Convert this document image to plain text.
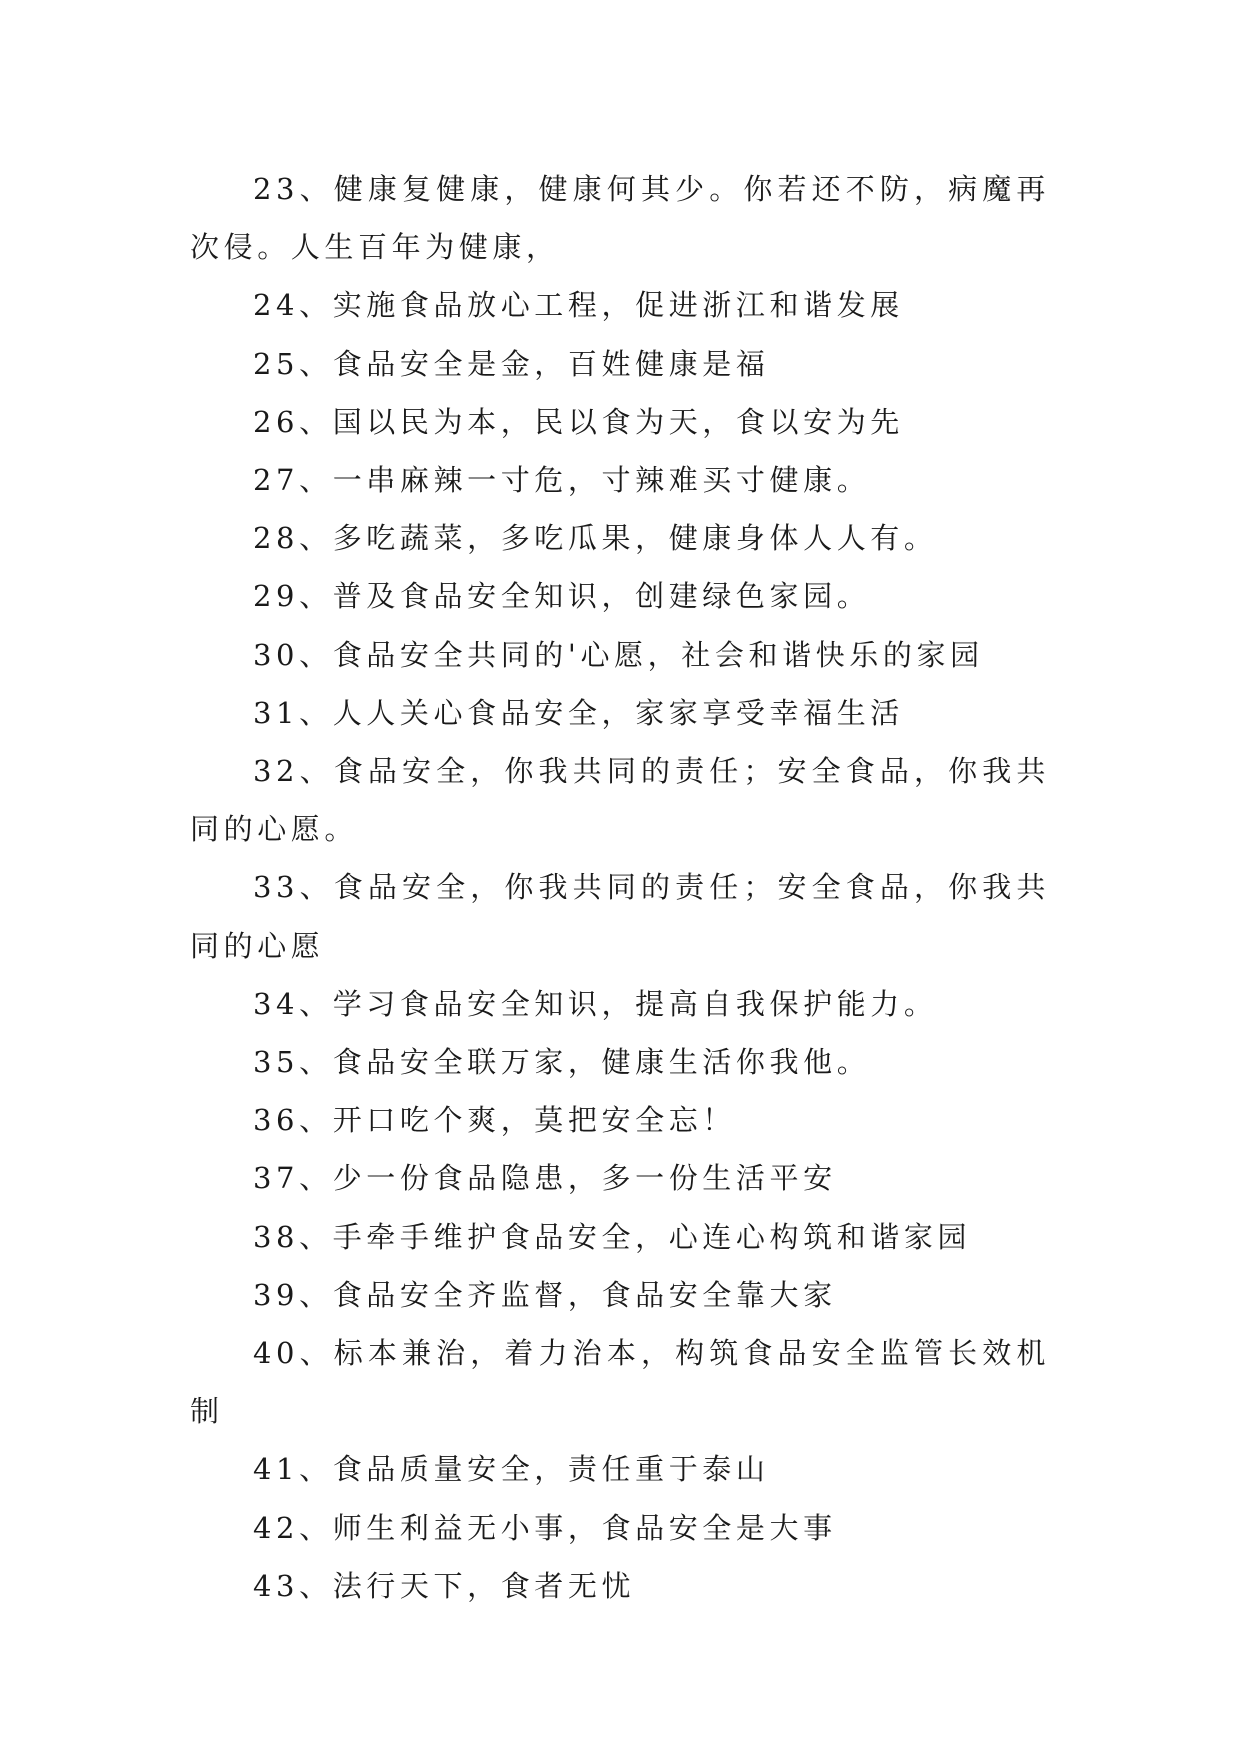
23、健康复健康，健康何其少。你若还不防，病魔再次侵。人生百年为健康，

24、实施食品放心工程，促进浙江和谐发展

25、食品安全是金，百姓健康是福

26、国以民为本，民以食为天，食以安为先

27、一串麻辣一寸危，寸辣难买寸健康。

28、多吃蔬菜，多吃瓜果，健康身体人人有。

29、普及食品安全知识，创建绿色家园。

30、食品安全共同的'心愿，社会和谐快乐的家园

31、人人关心食品安全，家家享受幸福生活

32、食品安全，你我共同的责任；安全食品，你我共同的心愿。

33、食品安全，你我共同的责任；安全食品，你我共同的心愿

34、学习食品安全知识，提高自我保护能力。

35、食品安全联万家，健康生活你我他。

36、开口吃个爽，莫把安全忘！

37、少一份食品隐患，多一份生活平安

38、手牵手维护食品安全，心连心构筑和谐家园

39、食品安全齐监督，食品安全靠大家

40、标本兼治，着力治本，构筑食品安全监管长效机制

41、食品质量安全，责任重于泰山

42、师生利益无小事，食品安全是大事

43、法行天下，食者无忧
